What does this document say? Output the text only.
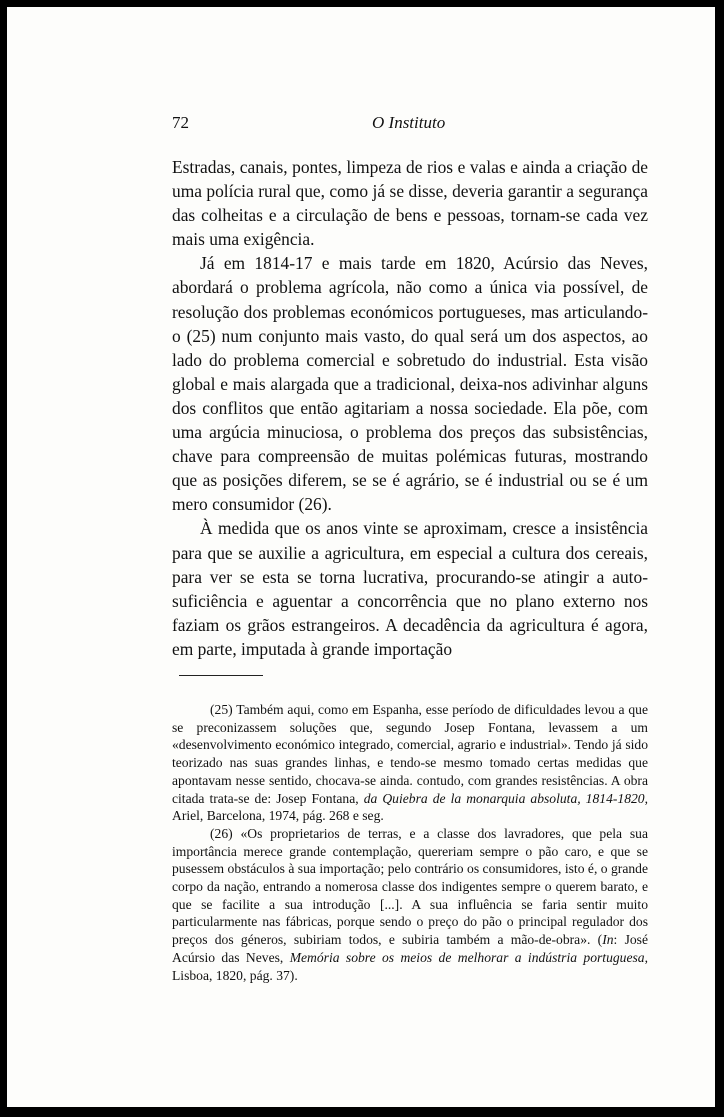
72	O Instituto

Estradas, canais, pontes, limpeza de rios e valas e ainda a criação de uma polícia rural que, como já se disse, deveria garantir a segurança das colheitas e a circulação de bens e pessoas, tornam-se cada vez mais uma exigência.

Já em 1814-17 e mais tarde em 1820, Acúrsio das Neves, abordará o problema agrícola, não como a única via possível, de resolução dos problemas económicos portugueses, mas articulando-o (25) num conjunto mais vasto, do qual será um dos aspectos, ao lado do problema comercial e sobretudo do industrial. Esta visão global e mais alargada que a tradicional, deixa-nos adivinhar alguns dos conflitos que então agitariam a nossa sociedade. Ela põe, com uma argúcia minuciosa, o problema dos preços das subsistências, chave para compreensão de muitas polémicas futuras, mostrando que as posições diferem, se se é agrário, se é industrial ou se é um mero consumidor (26).

À medida que os anos vinte se aproximam, cresce a insistência para que se auxilie a agricultura, em especial a cultura dos cereais, para ver se esta se torna lucrativa, procurando-se atingir a auto-suficiência e aguentar a concorrência que no plano externo nos faziam os grãos estrangeiros. A decadência da agricultura é agora, em parte, imputada à grande importação

(25) Também aqui, como em Espanha, esse período de dificuldades levou a que se preconizassem soluções que, segundo Josep Fontana, levassem a um «desenvolvimento económico integrado, comercial, agrario e industrial». Tendo já sido teorizado nas suas grandes linhas, e tendo-se mesmo tomado certas medidas que apontavam nesse sentido, chocava-se ainda. contudo, com grandes resistências. A obra citada trata-se de: Josep Fontana, da Quiebra de la monarquia absoluta, 1814-1820, Ariel, Barcelona, 1974, pág. 268 e seg.

(26) «Os proprietarios de terras, e a classe dos lavradores, que pela sua importância merece grande contemplação, quereriam sempre o pão caro, e que se pusessem obstáculos à sua importação; pelo contrário os consumidores, isto é, o grande corpo da nação, entrando a nomerosa classe dos indigentes sempre o querem barato, e que se facilite a sua introdução [...]. A sua influência se faria sentir muito particularmente nas fábricas, porque sendo o preço do pão o principal regulador dos preços dos géneros, subiriam todos, e subiria também a mão-de-obra». (In: José Acúrsio das Neves, Memória sobre os meios de melhorar a indústria portuguesa, Lisboa, 1820, pág. 37).
